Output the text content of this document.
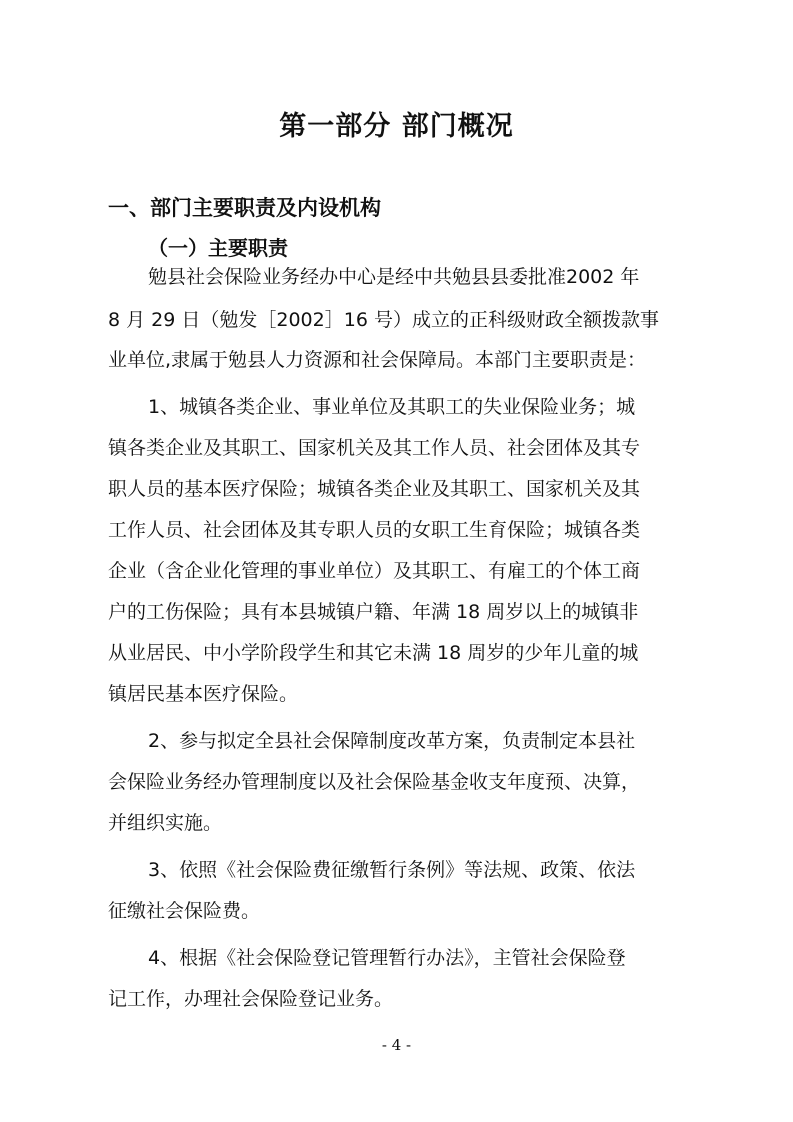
第一部分 部门概况
一、部门主要职责及内设机构
（一）主要职责
勉县社会保险业务经办中心是经中共勉县县委批准2002 年
8 月 29 日（勉发［2002］16 号）成立的正科级财政全额拨款事
业单位,隶属于勉县人力资源和社会保障局。本部门主要职责是：
1、城镇各类企业、事业单位及其职工的失业保险业务；城
镇各类企业及其职工、国家机关及其工作人员、社会团体及其专
职人员的基本医疗保险；城镇各类企业及其职工、国家机关及其
工作人员、社会团体及其专职人员的女职工生育保险；城镇各类
企业（含企业化管理的事业单位）及其职工、有雇工的个体工商
户的工伤保险；具有本县城镇户籍、年满 18 周岁以上的城镇非
从业居民、中小学阶段学生和其它未满 18 周岁的少年儿童的城
镇居民基本医疗保险。
2、参与拟定全县社会保障制度改革方案，负责制定本县社
会保险业务经办管理制度以及社会保险基金收支年度预、决算，
并组织实施。
3、依照《社会保险费征缴暂行条例》等法规、政策、依法
征缴社会保险费。
4、根据《社会保险登记管理暂行办法》，主管社会保险登
记工作，办理社会保险登记业务。
- 4 -
